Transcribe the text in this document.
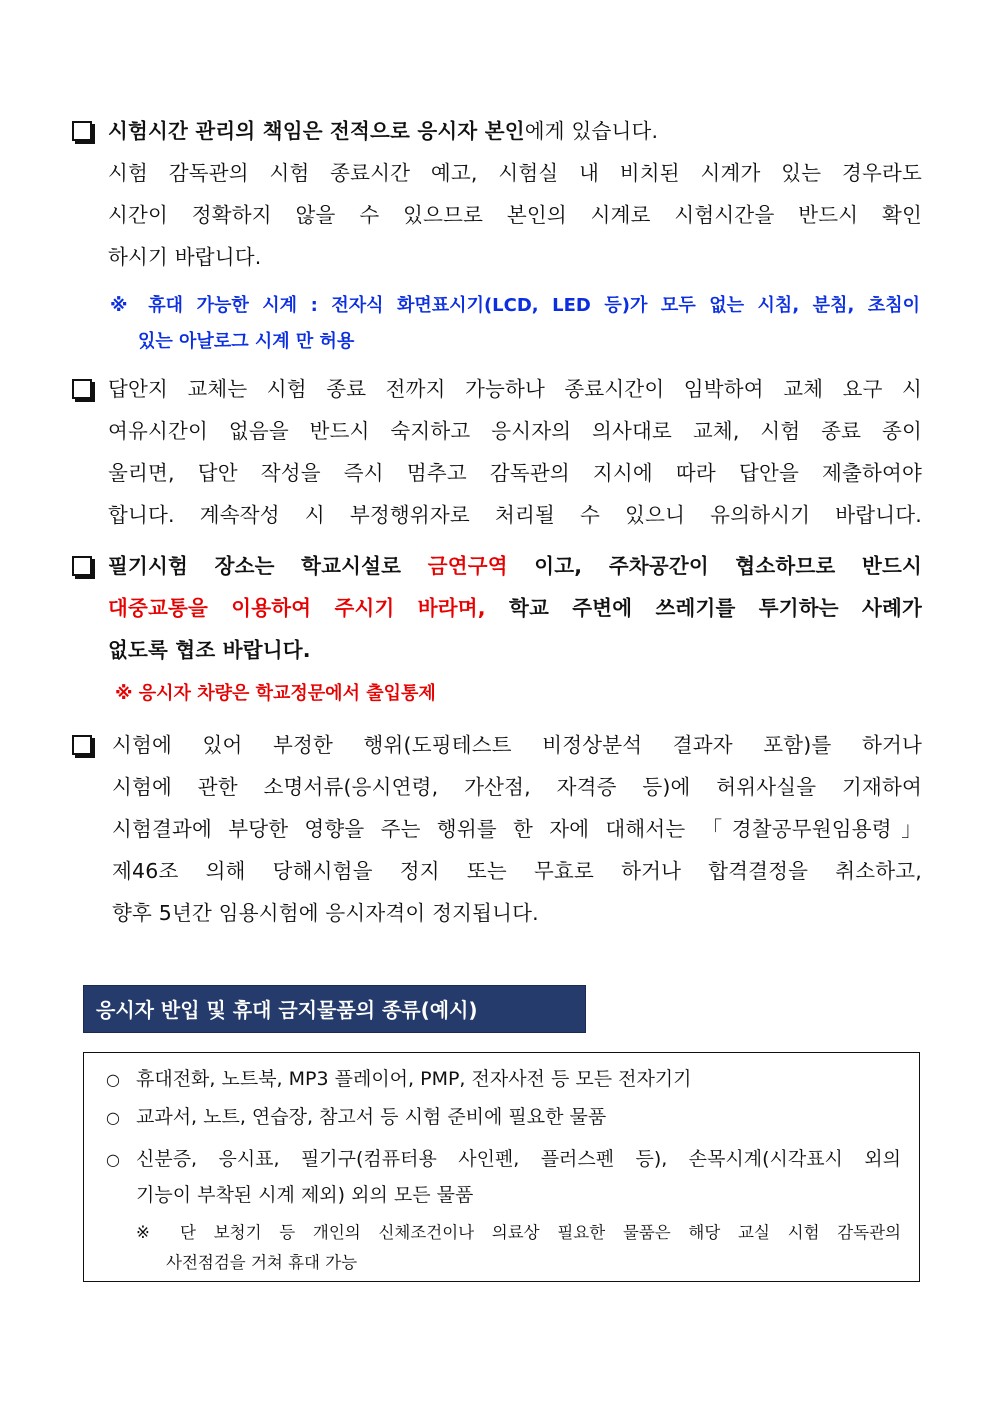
시험시간 관리의 책임은 전적으로 응시자 본인에게 있습니다.
시험 감독관의 시험 종료시간 예고, 시험실 내 비치된 시계가 있는 경우라도
시간이 정확하지 않을 수 있으므로 본인의 시계로 시험시간을 반드시 확인
하시기 바랍니다.
※ 휴대 가능한 시계 : 전자식 화면표시기(LCD, LED 등)가 모두 없는 시침, 분침, 초침이
있는 아날로그 시계 만 허용
답안지 교체는 시험 종료 전까지 가능하나 종료시간이 임박하여 교체 요구 시
여유시간이 없음을 반드시 숙지하고 응시자의 의사대로 교체, 시험 종료 종이
울리면, 답안 작성을 즉시 멈추고 감독관의 지시에 따라 답안을 제출하여야
합니다. 계속작성 시 부정행위자로 처리될 수 있으니 유의하시기 바랍니다.
필기시험 장소는 학교시설로 금연구역 이고, 주차공간이 협소하므로 반드시
대중교통을 이용하여 주시기 바라며, 학교 주변에 쓰레기를 투기하는 사례가
없도록 협조 바랍니다.
※ 응시자 차량은 학교정문에서 출입통제
시험에 있어 부정한 행위(도핑테스트 비정상분석 결과자 포함)를 하거나
시험에 관한 소명서류(응시연령, 가산점, 자격증 등)에 허위사실을 기재하여
시험결과에 부당한 영향을 주는 행위를 한 자에 대해서는 「경찰공무원임용령」
제46조 의해 당해시험을 정지 또는 무효로 하거나 합격결정을 취소하고,
향후 5년간 임용시험에 응시자격이 정지됩니다.
응시자 반입 및 휴대 금지물품의 종류(예시)
○ 휴대전화, 노트북, MP3 플레이어, PMP, 전자사전 등 모든 전자기기
○ 교과서, 노트, 연습장, 참고서 등 시험 준비에 필요한 물품
○ 신분증, 응시표, 필기구(컴퓨터용 사인펜, 플러스펜 등), 손목시계(시각표시 외의
기능이 부착된 시계 제외) 외의 모든 물품
※ 단 보청기 등 개인의 신체조건이나 의료상 필요한 물품은 해당 교실 시험 감독관의
사전점검을 거쳐 휴대 가능
